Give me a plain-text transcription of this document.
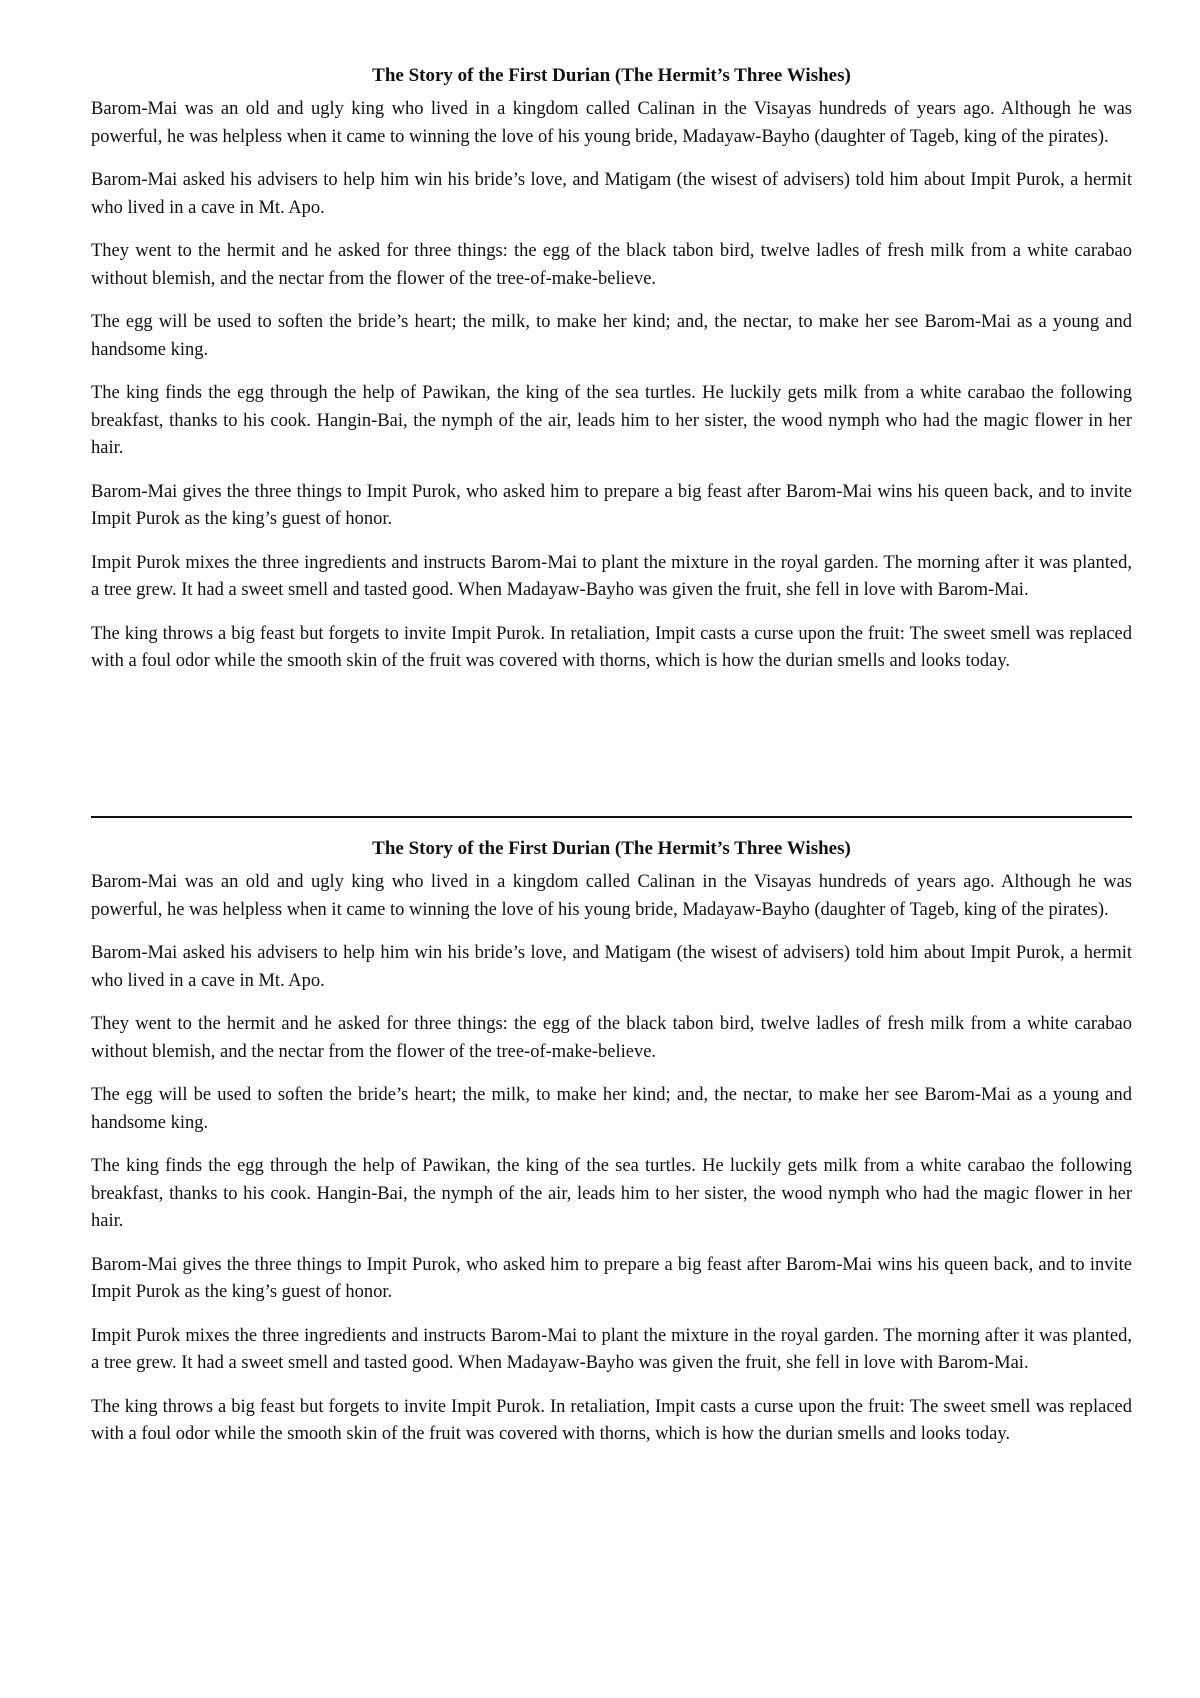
The Story of the First Durian (The Hermit’s Three Wishes)

Barom-Mai was an old and ugly king who lived in a kingdom called Calinan in the Visayas hundreds of years ago. Although he was powerful, he was helpless when it came to winning the love of his young bride, Madayaw-Bayho (daughter of Tageb, king of the pirates).

Barom-Mai asked his advisers to help him win his bride’s love, and Matigam (the wisest of advisers) told him about Impit Purok, a hermit who lived in a cave in Mt. Apo.

They went to the hermit and he asked for three things: the egg of the black tabon bird, twelve ladles of fresh milk from a white carabao without blemish, and the nectar from the flower of the tree-of-make-believe.

The egg will be used to soften the bride’s heart; the milk, to make her kind; and, the nectar, to make her see Barom-Mai as a young and handsome king.

The king finds the egg through the help of Pawikan, the king of the sea turtles. He luckily gets milk from a white carabao the following breakfast, thanks to his cook. Hangin-Bai, the nymph of the air, leads him to her sister, the wood nymph who had the magic flower in her hair.

Barom-Mai gives the three things to Impit Purok, who asked him to prepare a big feast after Barom-Mai wins his queen back, and to invite Impit Purok as the king’s guest of honor.

Impit Purok mixes the three ingredients and instructs Barom-Mai to plant the mixture in the royal garden. The morning after it was planted, a tree grew. It had a sweet smell and tasted good. When Madayaw-Bayho was given the fruit, she fell in love with Barom-Mai.

The king throws a big feast but forgets to invite Impit Purok. In retaliation, Impit casts a curse upon the fruit: The sweet smell was replaced with a foul odor while the smooth skin of the fruit was covered with thorns, which is how the durian smells and looks today.

The Story of the First Durian (The Hermit’s Three Wishes)

Barom-Mai was an old and ugly king who lived in a kingdom called Calinan in the Visayas hundreds of years ago. Although he was powerful, he was helpless when it came to winning the love of his young bride, Madayaw-Bayho (daughter of Tageb, king of the pirates).

Barom-Mai asked his advisers to help him win his bride’s love, and Matigam (the wisest of advisers) told him about Impit Purok, a hermit who lived in a cave in Mt. Apo.

They went to the hermit and he asked for three things: the egg of the black tabon bird, twelve ladles of fresh milk from a white carabao without blemish, and the nectar from the flower of the tree-of-make-believe.

The egg will be used to soften the bride’s heart; the milk, to make her kind; and, the nectar, to make her see Barom-Mai as a young and handsome king.

The king finds the egg through the help of Pawikan, the king of the sea turtles. He luckily gets milk from a white carabao the following breakfast, thanks to his cook. Hangin-Bai, the nymph of the air, leads him to her sister, the wood nymph who had the magic flower in her hair.

Barom-Mai gives the three things to Impit Purok, who asked him to prepare a big feast after Barom-Mai wins his queen back, and to invite Impit Purok as the king’s guest of honor.

Impit Purok mixes the three ingredients and instructs Barom-Mai to plant the mixture in the royal garden. The morning after it was planted, a tree grew. It had a sweet smell and tasted good. When Madayaw-Bayho was given the fruit, she fell in love with Barom-Mai.

The king throws a big feast but forgets to invite Impit Purok. In retaliation, Impit casts a curse upon the fruit: The sweet smell was replaced with a foul odor while the smooth skin of the fruit was covered with thorns, which is how the durian smells and looks today.
